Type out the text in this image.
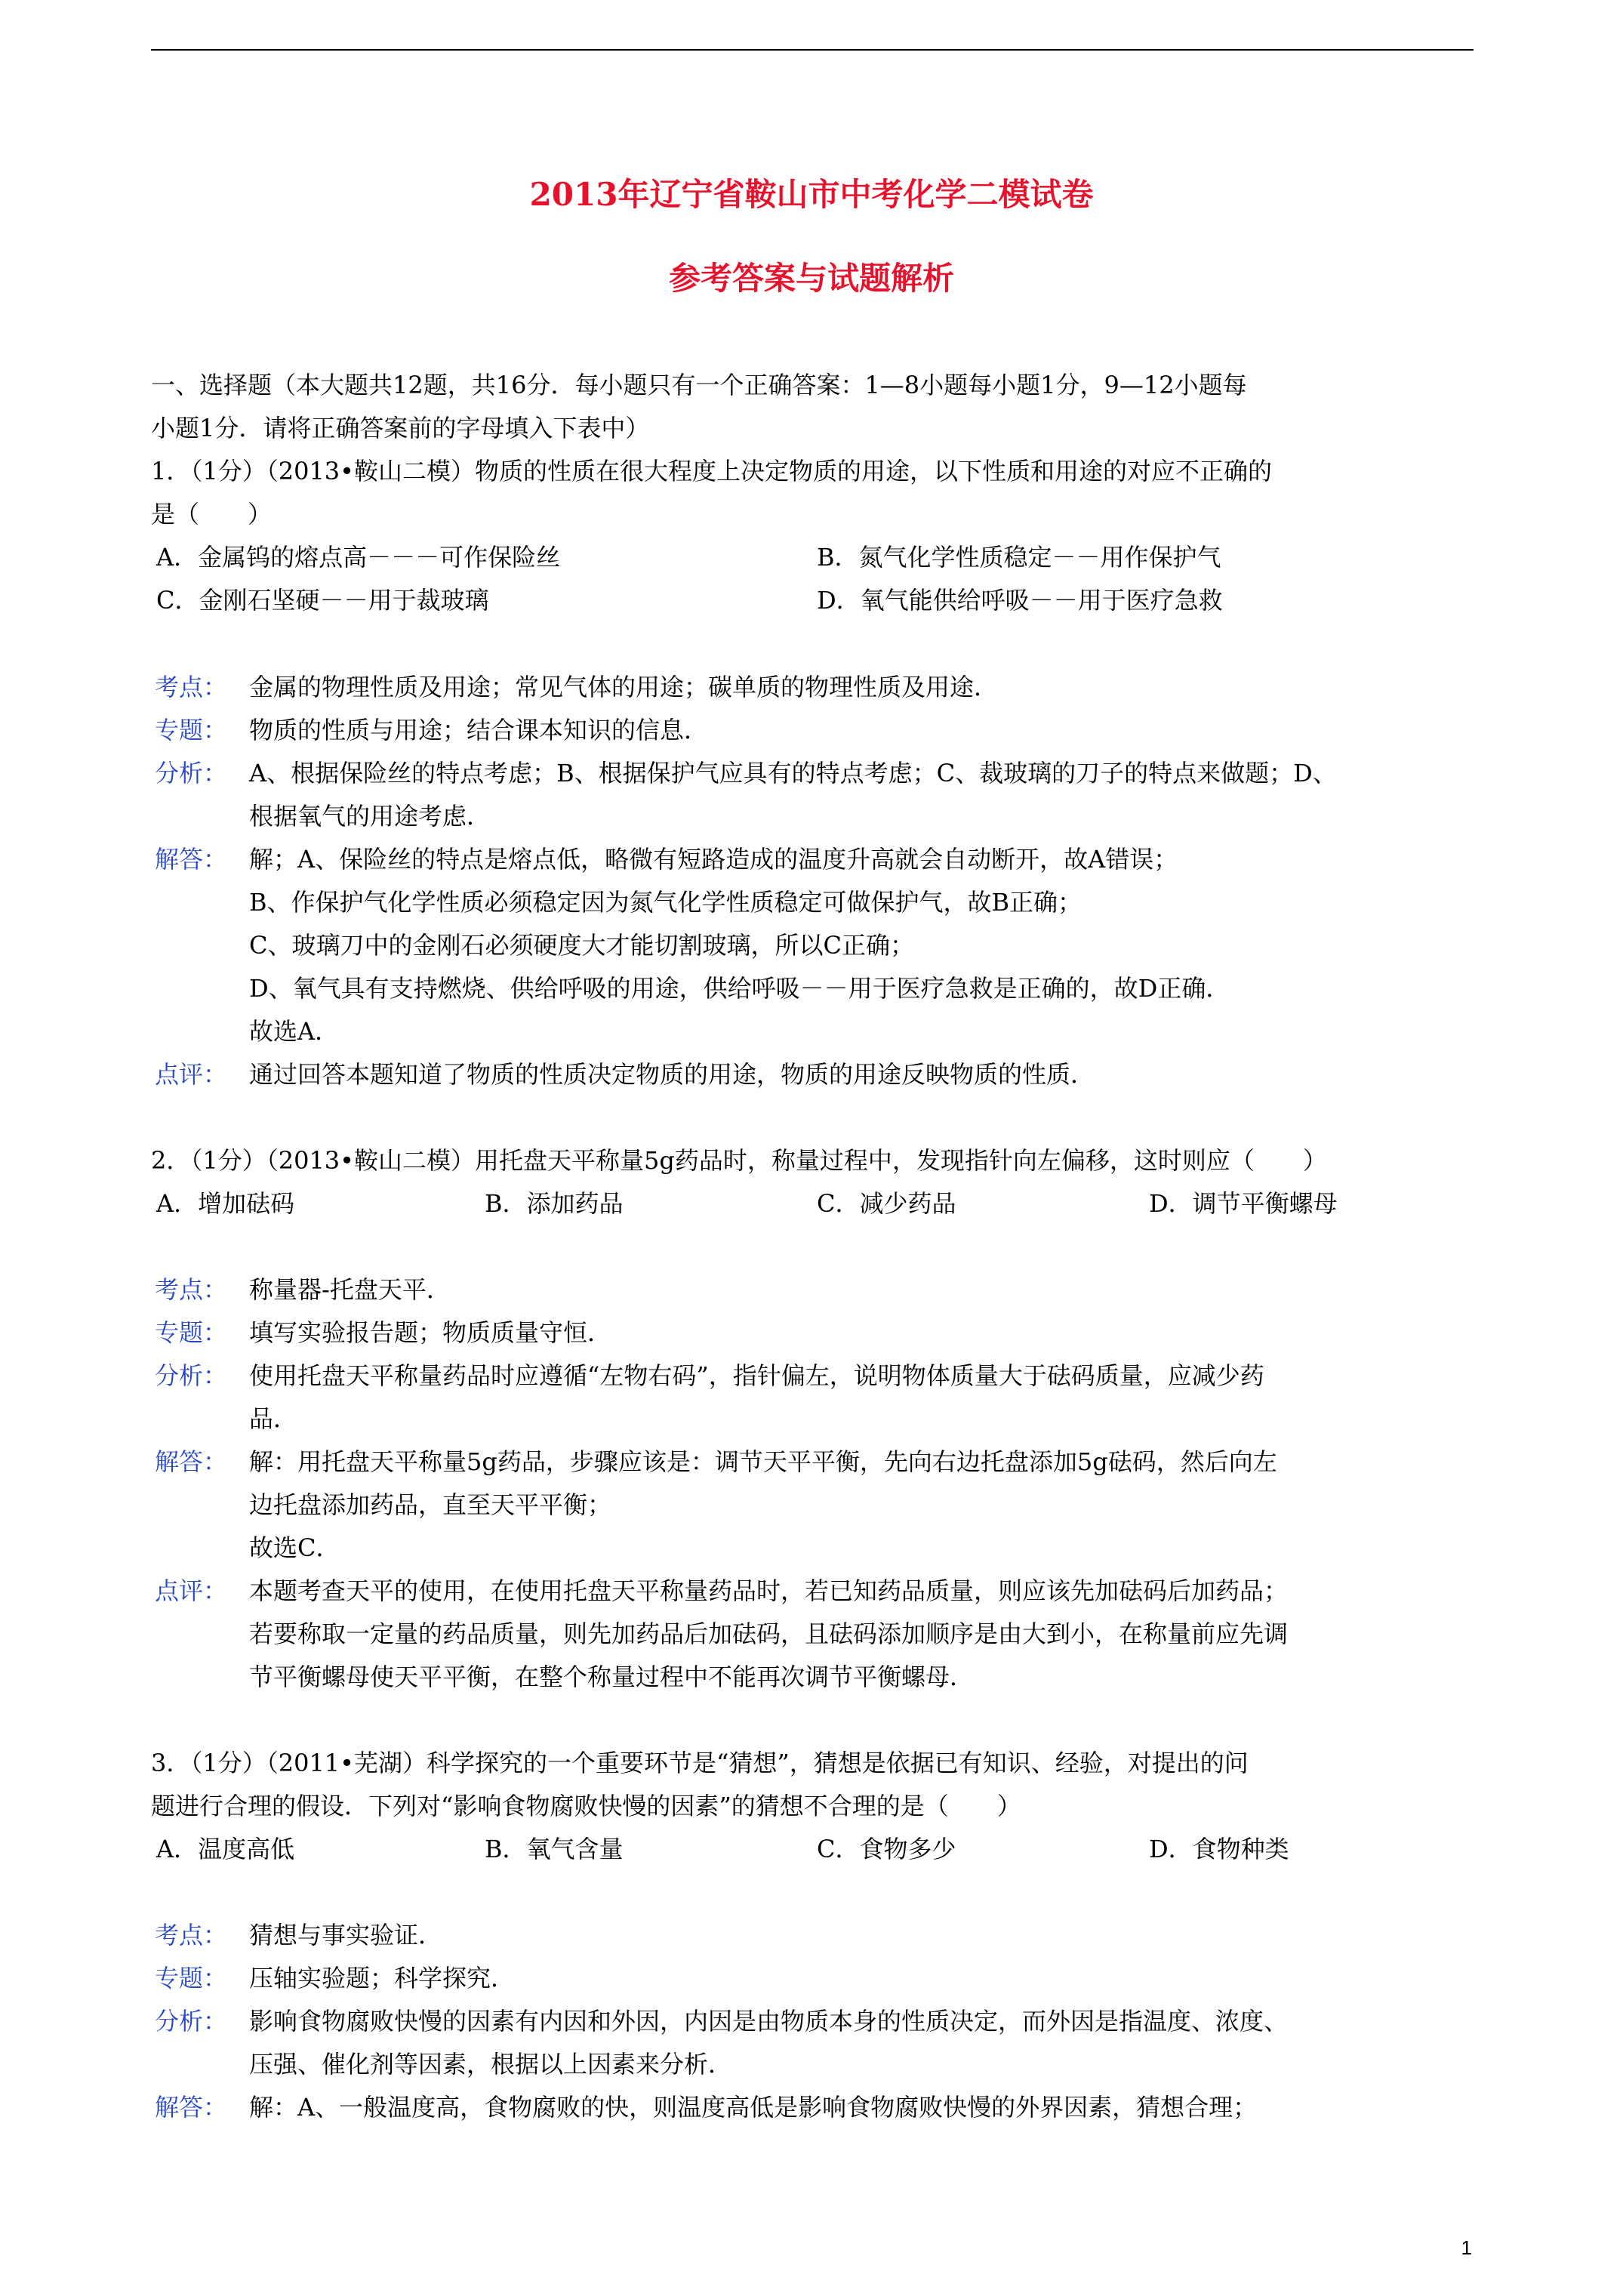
2013年辽宁省鞍山市中考化学二模试卷
参考答案与试题解析
一、选择题（本大题共12题，共16分．每小题只有一个正确答案：1—8小题每小题1分，9—12小题每
小题1分．请将正确答案前的字母填入下表中）
1．（1分）（2013•鞍山二模）物质的性质在很大程度上决定物质的用途，以下性质和用途的对应不正确的
是（　　）
A．金属钨的熔点高－－－可作保险丝	B．氮气化学性质稳定－－用作保护气
C．金刚石坚硬－－用于裁玻璃	D．氧气能供给呼吸－－用于医疗急救
考点： 金属的物理性质及用途；常见气体的用途；碳单质的物理性质及用途．
专题： 物质的性质与用途；结合课本知识的信息．
分析： A、根据保险丝的特点考虑；B、根据保护气应具有的特点考虑；C、裁玻璃的刀子的特点来做题；D、
根据氧气的用途考虑．
解答： 解；A、保险丝的特点是熔点低，略微有短路造成的温度升高就会自动断开，故A错误；
B、作保护气化学性质必须稳定因为氮气化学性质稳定可做保护气，故B正确；
C、玻璃刀中的金刚石必须硬度大才能切割玻璃，所以C正确；
D、氧气具有支持燃烧、供给呼吸的用途，供给呼吸－－用于医疗急救是正确的，故D正确．
故选A．
点评： 通过回答本题知道了物质的性质决定物质的用途，物质的用途反映物质的性质．
2．（1分）（2013•鞍山二模）用托盘天平称量5g药品时，称量过程中，发现指针向左偏移，这时则应（　　）
A．增加砝码	B．添加药品	C．减少药品	D．调节平衡螺母
考点： 称量器-托盘天平．
专题： 填写实验报告题；物质质量守恒．
分析： 使用托盘天平称量药品时应遵循“左物右码”，指针偏左，说明物体质量大于砝码质量，应减少药
品．
解答： 解：用托盘天平称量5g药品，步骤应该是：调节天平平衡，先向右边托盘添加5g砝码，然后向左
边托盘添加药品，直至天平平衡；
故选C．
点评： 本题考查天平的使用，在使用托盘天平称量药品时，若已知药品质量，则应该先加砝码后加药品；
若要称取一定量的药品质量，则先加药品后加砝码，且砝码添加顺序是由大到小，在称量前应先调
节平衡螺母使天平平衡，在整个称量过程中不能再次调节平衡螺母．
3．（1分）（2011•芜湖）科学探究的一个重要环节是“猜想”，猜想是依据已有知识、经验，对提出的问
题进行合理的假设．下列对“影响食物腐败快慢的因素”的猜想不合理的是（　　）
A．温度高低	B．氧气含量	C．食物多少	D．食物种类
考点： 猜想与事实验证．
专题： 压轴实验题；科学探究．
分析： 影响食物腐败快慢的因素有内因和外因，内因是由物质本身的性质决定，而外因是指温度、浓度、
压强、催化剂等因素，根据以上因素来分析．
解答： 解：A、一般温度高，食物腐败的快，则温度高低是影响食物腐败快慢的外界因素，猜想合理；
1
